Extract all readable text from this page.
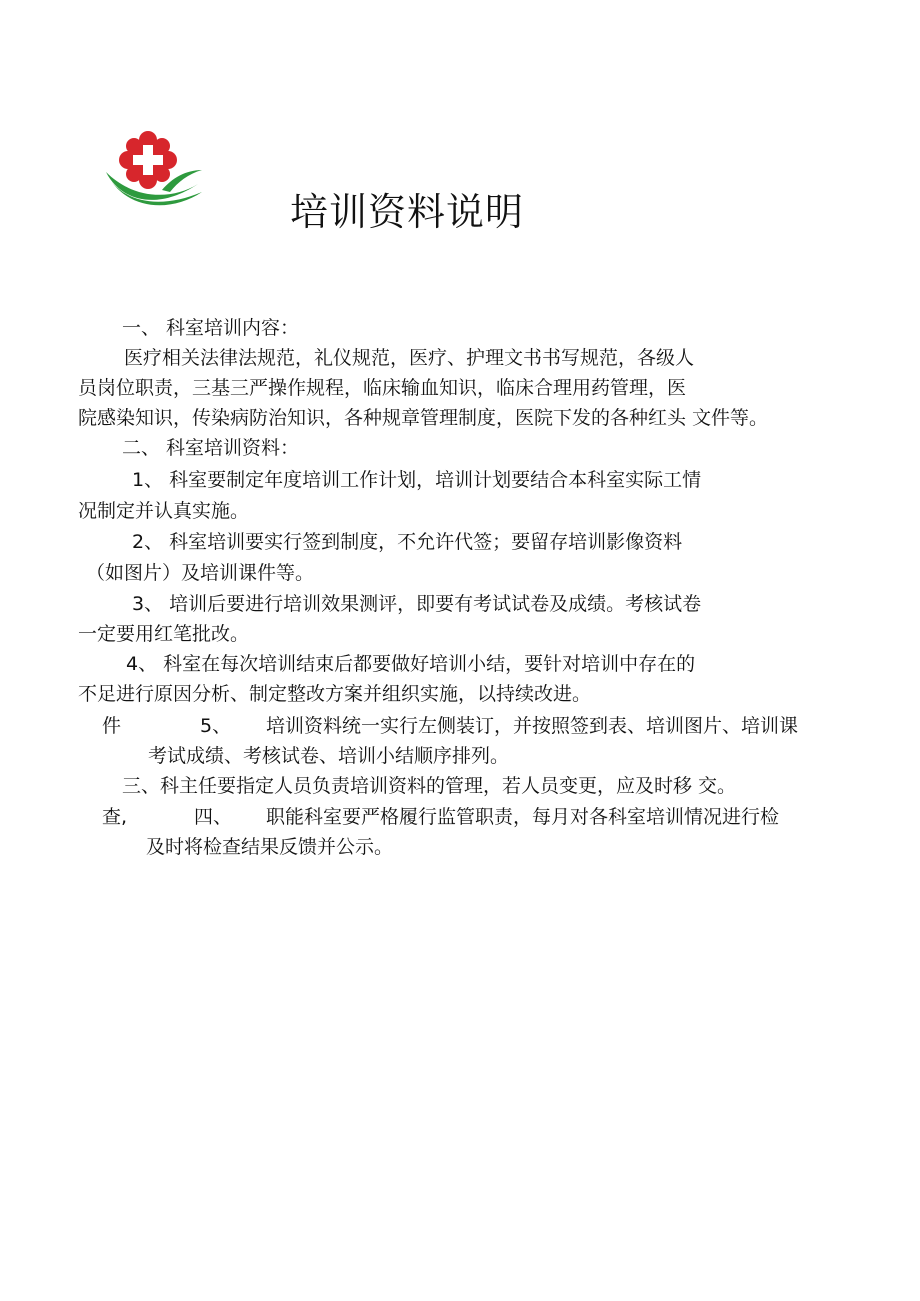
培训资料说明
一、 科室培训内容：
医疗相关法律法规范，礼仪规范，医疗、护理文书书写规范，各级人
员岗位职责，三基三严操作规程，临床输血知识，临床合理用药管理，医
院感染知识，传染病防治知识，各种规章管理制度，医院下发的各种红头 文件等。
二、 科室培训资料：
1、 科室要制定年度培训工作计划，培训计划要结合本科室实际工情
况制定并认真实施。
2、 科室培训要实行签到制度，不允许代签；要留存培训影像资料
（如图片）及培训课件等。
3、 培训后要进行培训效果测评，即要有考试试卷及成绩。考核试卷
一定要用红笔批改。
4、 科室在每次培训结束后都要做好培训小结，要针对培训中存在的
不足进行原因分析、制定整改方案并组织实施，以持续改进。
件	5、 培训资料统一实行左侧装订，并按照签到表、培训图片、培训课
考试成绩、考核试卷、培训小结顺序排列。
三、科主任要指定人员负责培训资料的管理，若人员变更，应及时移 交。
查,	四、 职能科室要严格履行监管职责，每月对各科室培训情况进行检
及时将检查结果反馈并公示。
